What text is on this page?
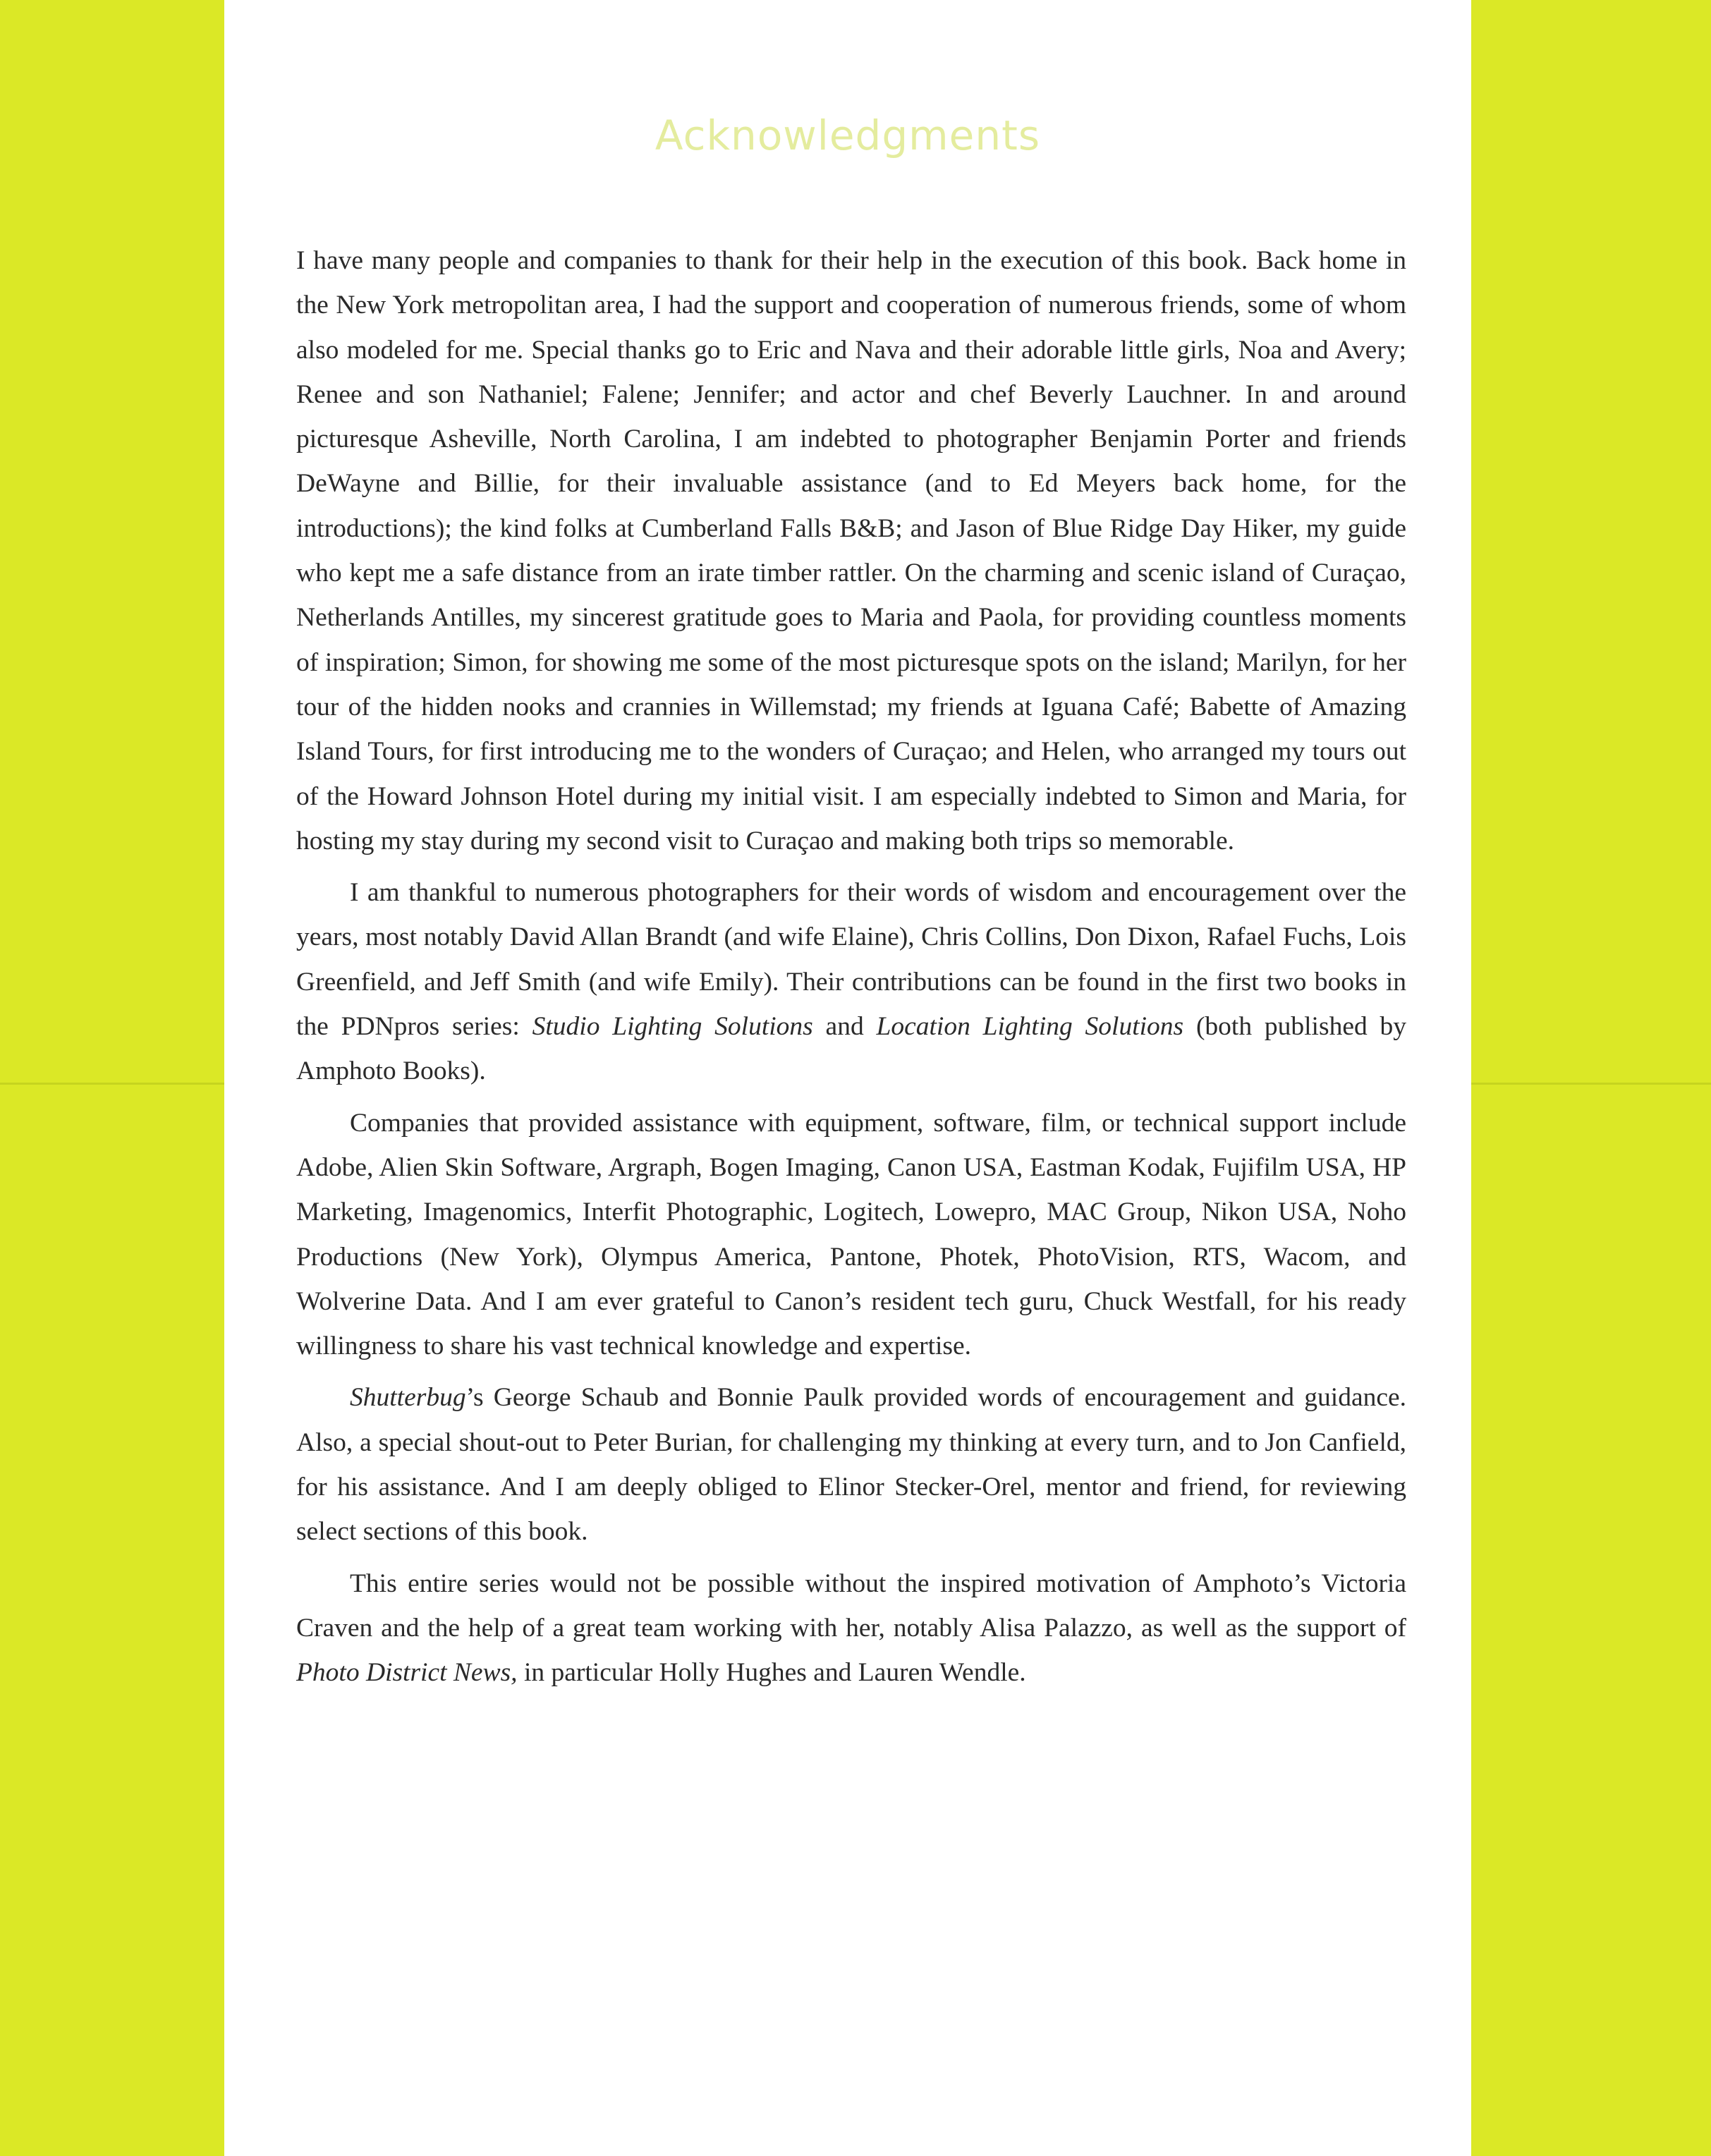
Acknowledgments

I have many people and companies to thank for their help in the execution of this book. Back home in the New York metropolitan area, I had the support and cooperation of numerous friends, some of whom also modeled for me. Special thanks go to Eric and Nava and their adorable little girls, Noa and Avery; Renee and son Nathaniel; Falene; Jennifer; and actor and chef Beverly Lauchner. In and around picturesque Asheville, North Carolina, I am indebted to photographer Benjamin Porter and friends DeWayne and Billie, for their invaluable assistance (and to Ed Meyers back home, for the introductions); the kind folks at Cumberland Falls B&B; and Jason of Blue Ridge Day Hiker, my guide who kept me a safe distance from an irate timber rattler. On the charming and scenic island of Curaçao, Netherlands Antilles, my sincerest gratitude goes to Maria and Paola, for providing countless moments of inspiration; Simon, for showing me some of the most picturesque spots on the island; Marilyn, for her tour of the hidden nooks and crannies in Willemstad; my friends at Iguana Café; Babette of Amazing Island Tours, for first introducing me to the wonders of Curaçao; and Helen, who arranged my tours out of the Howard Johnson Hotel during my initial visit. I am especially indebted to Simon and Maria, for hosting my stay during my second visit to Curaçao and making both trips so memorable.

I am thankful to numerous photographers for their words of wisdom and encouragement over the years, most notably David Allan Brandt (and wife Elaine), Chris Collins, Don Dixon, Rafael Fuchs, Lois Greenfield, and Jeff Smith (and wife Emily). Their contributions can be found in the first two books in the PDNpros series: Studio Lighting Solutions and Location Lighting Solutions (both published by Amphoto Books).

Companies that provided assistance with equipment, software, film, or technical support include Adobe, Alien Skin Software, Argraph, Bogen Imaging, Canon USA, Eastman Kodak, Fujifilm USA, HP Marketing, Imagenomics, Interfit Photographic, Logitech, Lowepro, MAC Group, Nikon USA, Noho Productions (New York), Olympus America, Pantone, Photek, PhotoVision, RTS, Wacom, and Wolverine Data. And I am ever grateful to Canon’s resident tech guru, Chuck Westfall, for his ready willingness to share his vast technical knowledge and expertise.

Shutterbug’s George Schaub and Bonnie Paulk provided words of encouragement and guidance. Also, a special shout-out to Peter Burian, for challenging my thinking at every turn, and to Jon Canfield, for his assistance. And I am deeply obliged to Elinor Stecker-Orel, mentor and friend, for reviewing select sections of this book.

This entire series would not be possible without the inspired motivation of Amphoto’s Victoria Craven and the help of a great team working with her, notably Alisa Palazzo, as well as the support of Photo District News, in particular Holly Hughes and Lauren Wendle.
